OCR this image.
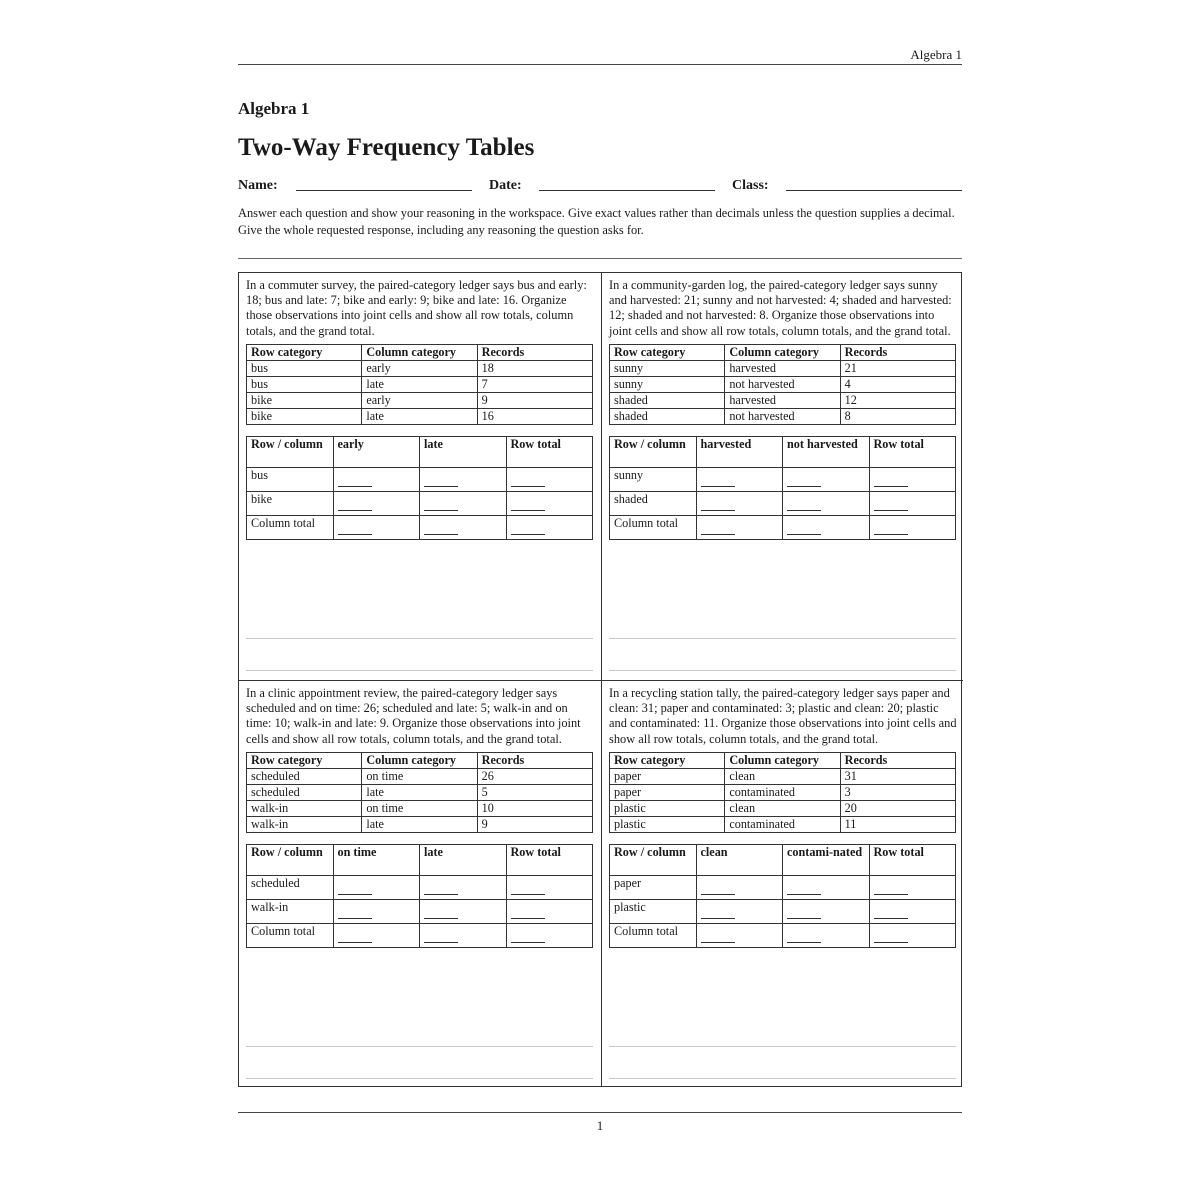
Algebra 1
Algebra 1
Two-Way Frequency Tables
Name:	Date:	Class:
Answer each question and show your reasoning in the workspace. Give exact values rather than decimals unless the question supplies a decimal. Give the whole requested response, including any reasoning the question asks for.
In a commuter survey, the paired-category ledger says bus and early: 18; bus and late: 7; bike and early: 9; bike and late: 16. Organize those observations into joint cells and show all row totals, column totals, and the grand total.
Row category	Column category	Records
bus	early	18
bus	late	7
bike	early	9
bike	late	16
Row / column	early	late	Row total
bus			
bike			
Column total			
In a community-garden log, the paired-category ledger says sunny and harvested: 21; sunny and not harvested: 4; shaded and harvested: 12; shaded and not harvested: 8. Organize those observations into joint cells and show all row totals, column totals, and the grand total.
Row category	Column category	Records
sunny	harvested	21
sunny	not harvested	4
shaded	harvested	12
shaded	not harvested	8
Row / column	harvested	not harvested	Row total
sunny			
shaded			
Column total			
In a clinic appointment review, the paired-category ledger says scheduled and on time: 26; scheduled and late: 5; walk-in and on time: 10; walk-in and late: 9. Organize those observations into joint cells and show all row totals, column totals, and the grand total.
Row category	Column category	Records
scheduled	on time	26
scheduled	late	5
walk-in	on time	10
walk-in	late	9
Row / column	on time	late	Row total
scheduled			
walk-in			
Column total			
In a recycling station tally, the paired-category ledger says paper and clean: 31; paper and contaminated: 3; plastic and clean: 20; plastic and contaminated: 11. Organize those observations into joint cells and show all row totals, column totals, and the grand total.
Row category	Column category	Records
paper	clean	31
paper	contaminated	3
plastic	clean	20
plastic	contaminated	11
Row / column	clean	contami-nated	Row total
paper			
plastic			
Column total			
1
